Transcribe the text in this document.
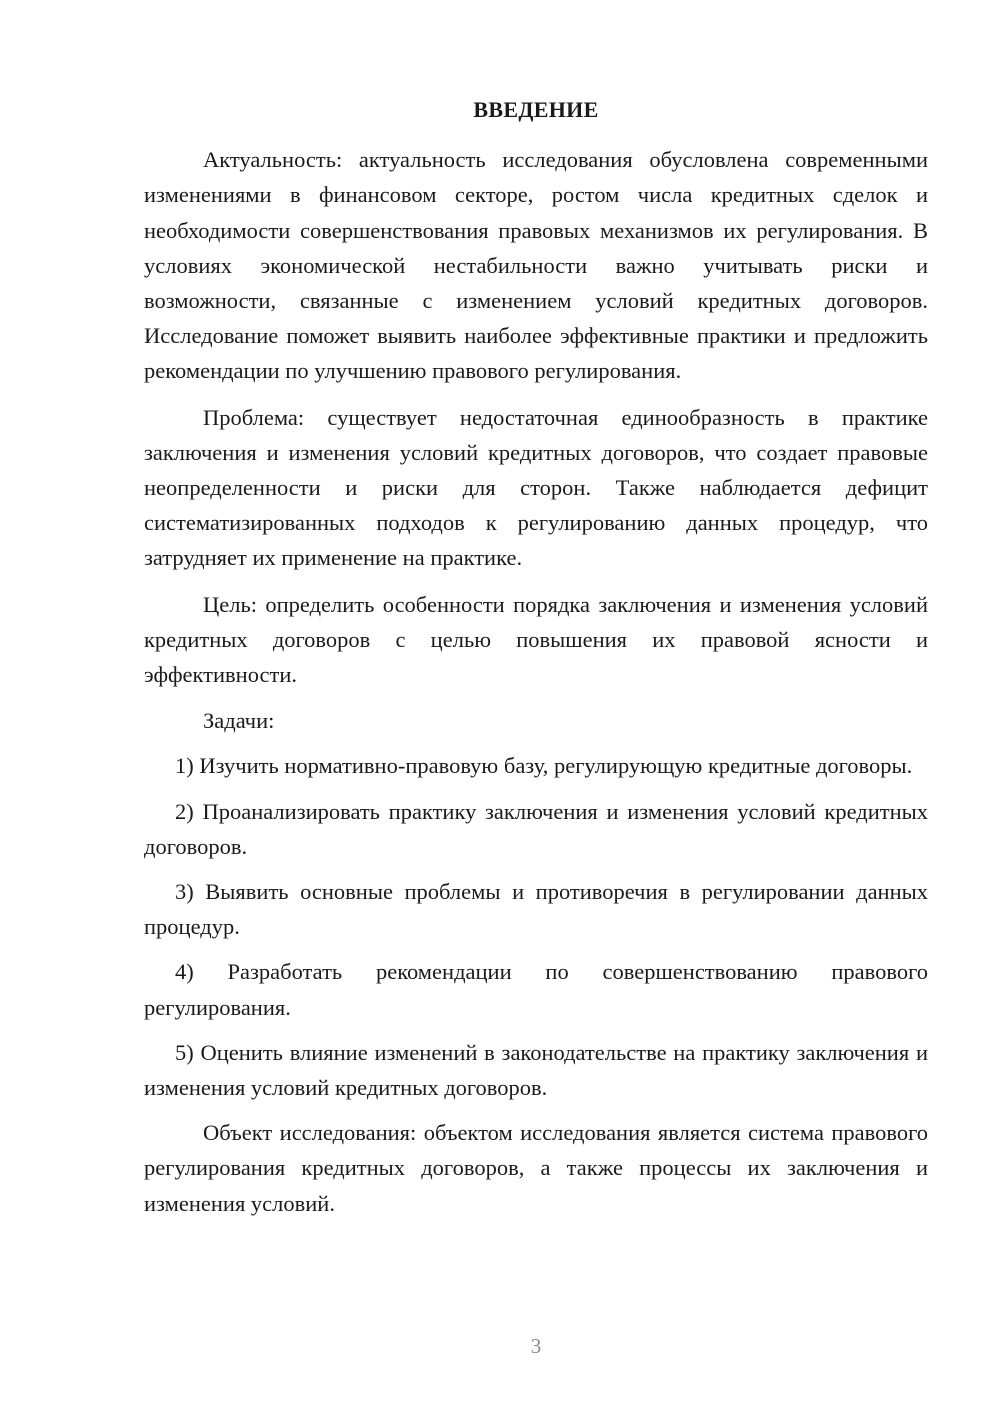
ВВЕДЕНИЕ

Актуальность: актуальность исследования обусловлена современными изменениями в финансовом секторе, ростом числа кредитных сделок и необходимости совершенствования правовых механизмов их регулирования. В условиях экономической нестабильности важно учитывать риски и возможности, связанные с изменением условий кредитных договоров. Исследование поможет выявить наиболее эффективные практики и предложить рекомендации по улучшению правового регулирования.

Проблема: существует недостаточная единообразность в практике заключения и изменения условий кредитных договоров, что создает правовые неопределенности и риски для сторон. Также наблюдается дефицит систематизированных подходов к регулированию данных процедур, что затрудняет их применение на практике.

Цель: определить особенности порядка заключения и изменения условий кредитных договоров с целью повышения их правовой ясности и эффективности.

Задачи:

1) Изучить нормативно-правовую базу, регулирующую кредитные договоры.

2) Проанализировать практику заключения и изменения условий кредитных договоров.

3) Выявить основные проблемы и противоречия в регулировании данных процедур.

4) Разработать рекомендации по совершенствованию правового регулирования.

5) Оценить влияние изменений в законодательстве на практику заключения и изменения условий кредитных договоров.

Объект исследования: объектом исследования является система правового регулирования кредитных договоров, а также процессы их заключения и изменения условий.

3
